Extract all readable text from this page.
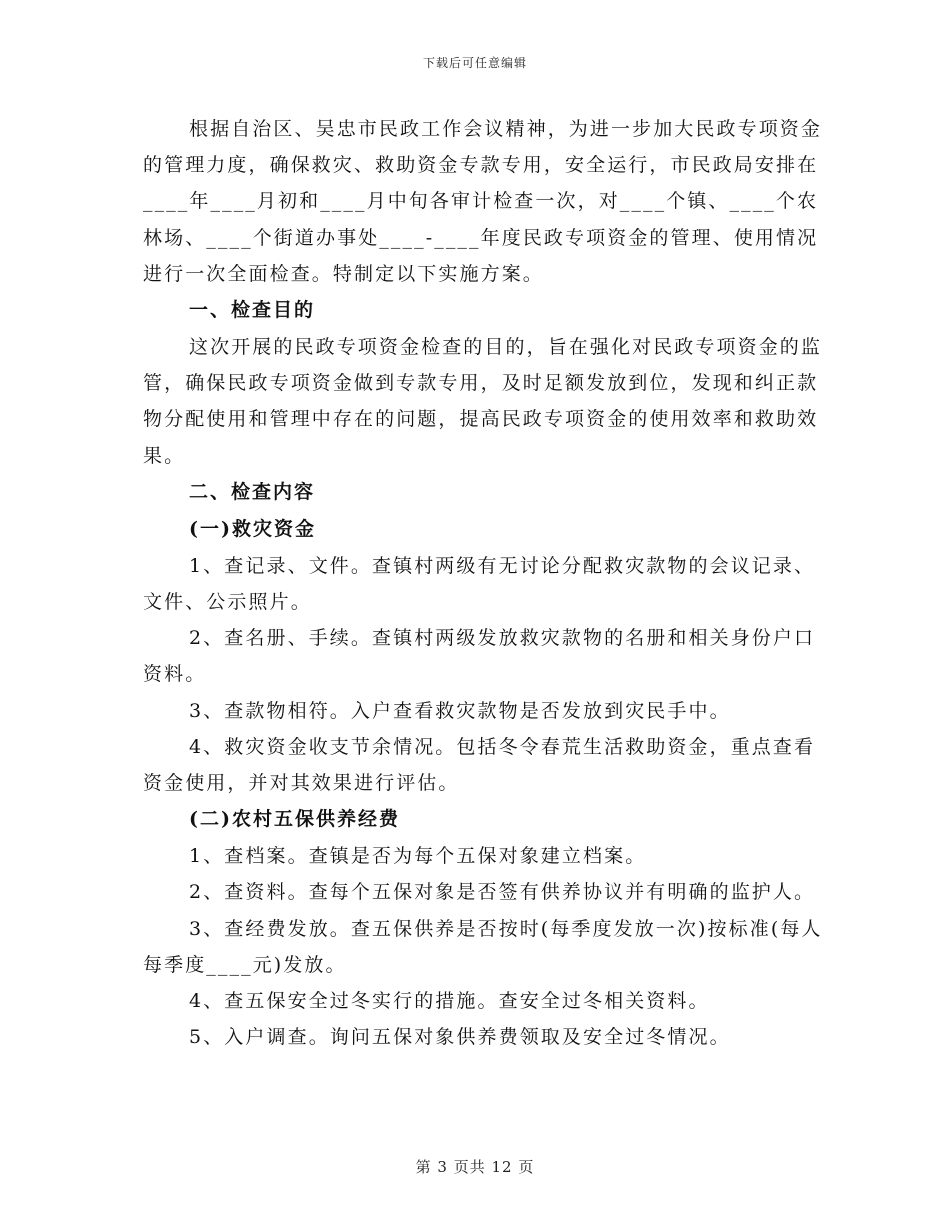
下载后可任意编辑

根据自治区、吴忠市民政工作会议精神，为进一步加大民政专项资金的管理力度，确保救灾、救助资金专款专用，安全运行，市民政局安排在____年____月初和____月中旬各审计检查一次，对____个镇、____个农林场、____个街道办事处____-____年度民政专项资金的管理、使用情况进行一次全面检查。特制定以下实施方案。

一、检查目的

这次开展的民政专项资金检查的目的，旨在强化对民政专项资金的监管，确保民政专项资金做到专款专用，及时足额发放到位，发现和纠正款物分配使用和管理中存在的问题，提高民政专项资金的使用效率和救助效果。

二、检查内容

(一)救灾资金

1、查记录、文件。查镇村两级有无讨论分配救灾款物的会议记录、文件、公示照片。

2、查名册、手续。查镇村两级发放救灾款物的名册和相关身份户口资料。

3、查款物相符。入户查看救灾款物是否发放到灾民手中。

4、救灾资金收支节余情况。包括冬令春荒生活救助资金，重点查看资金使用，并对其效果进行评估。

(二)农村五保供养经费

1、查档案。查镇是否为每个五保对象建立档案。

2、查资料。查每个五保对象是否签有供养协议并有明确的监护人。

3、查经费发放。查五保供养是否按时(每季度发放一次)按标准(每人每季度____元)发放。

4、查五保安全过冬实行的措施。查安全过冬相关资料。

5、入户调查。询问五保对象供养费领取及安全过冬情况。

第 3 页共 12 页
